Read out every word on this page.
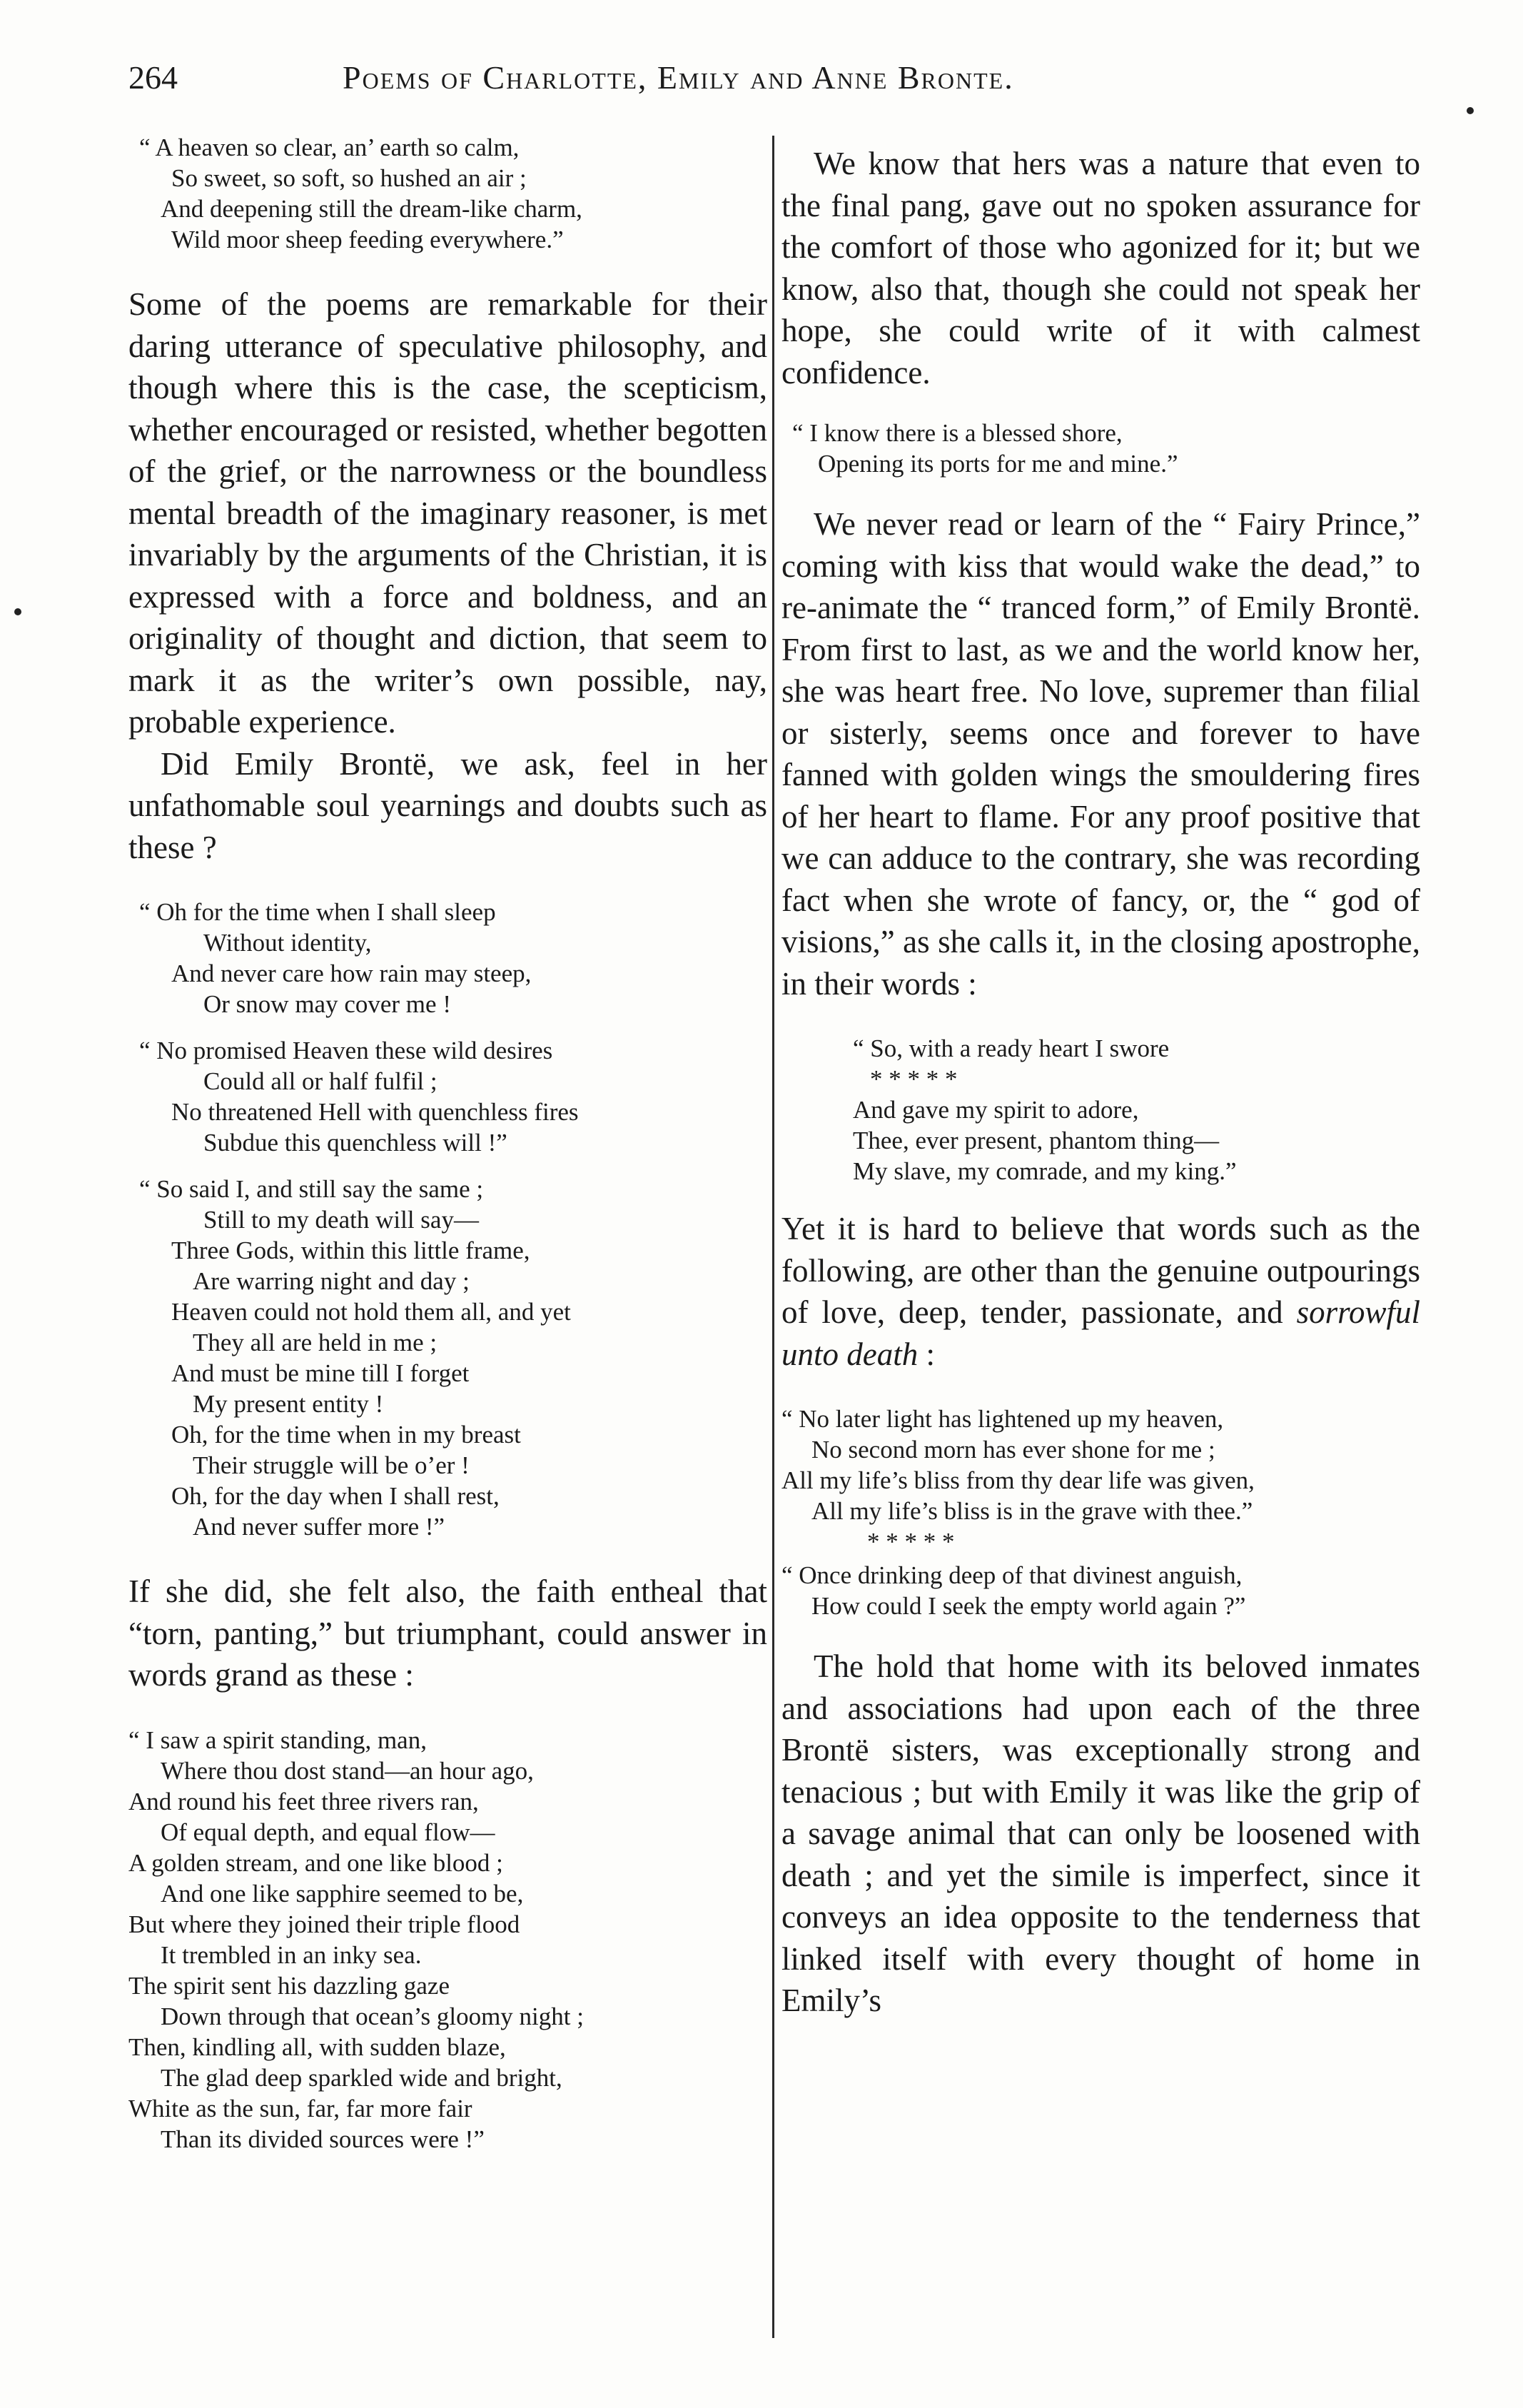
264	Poems of Charlotte, Emily and Anne Bronte.
“ A heaven so clear, an’ earth so calm,
So sweet, so soft, so hushed an air ;
And deepening still the dream-like charm,
Wild moor sheep feeding everywhere.”

Some of the poems are remarkable for their daring utterance of speculative philosophy, and though where this is the case, the scepticism, whether encouraged or resisted, whether begotten of the grief, or the narrowness or the boundless mental breadth of the imaginary reasoner, is met invariably by the arguments of the Christian, it is expressed with a force and boldness, and an originality of thought and diction, that seem to mark it as the writer’s own possible, nay, probable experience.

Did Emily Brontë, we ask, feel in her unfathomable soul yearnings and doubts such as these ?

“ Oh for the time when I shall sleep
Without identity,
And never care how rain may steep,
Or snow may cover me !
“ No promised Heaven these wild desires
Could all or half fulfil ;
No threatened Hell with quenchless fires
Subdue this quenchless will !”
“ So said I, and still say the same ;
Still to my death will say—
Three Gods, within this little frame,
Are warring night and day ;
Heaven could not hold them all, and yet
They all are held in me ;
And must be mine till I forget
My present entity !
Oh, for the time when in my breast
Their struggle will be o’er !
Oh, for the day when I shall rest,
And never suffer more !”

If she did, she felt also, the faith entheal that “torn, panting,” but triumphant, could answer in words grand as these :

“ I saw a spirit standing, man,
Where thou dost stand—an hour ago,
And round his feet three rivers ran,
Of equal depth, and equal flow—
A golden stream, and one like blood ;
And one like sapphire seemed to be,
But where they joined their triple flood
It trembled in an inky sea.
The spirit sent his dazzling gaze
Down through that ocean’s gloomy night ;
Then, kindling all, with sudden blaze,
The glad deep sparkled wide and bright,
White as the sun, far, far more fair
Than its divided sources were !”

We know that hers was a nature that even to the final pang, gave out no spoken assurance for the comfort of those who agonized for it; but we know, also that, though she could not speak her hope, she could write of it with calmest confidence.

“ I know there is a blessed shore,
Opening its ports for me and mine.”

We never read or learn of the “ Fairy Prince,” coming with kiss that would wake the dead,” to re-animate the “ tranced form,” of Emily Brontë. From first to last, as we and the world know her, she was heart free. No love, supremer than filial or sisterly, seems once and forever to have fanned with golden wings the smouldering fires of her heart to flame. For any proof positive that we can adduce to the contrary, she was recording fact when she wrote of fancy, or, the “ god of visions,” as she calls it, in the closing apostrophe, in their words :

“ So, with a ready heart I swore
* * * * *
And gave my spirit to adore,
Thee, ever present, phantom thing—
My slave, my comrade, and my king.”

Yet it is hard to believe that words such as the following, are other than the genuine outpourings of love, deep, tender, passionate, and sorrowful unto death :

“ No later light has lightened up my heaven,
No second morn has ever shone for me ;
All my life’s bliss from thy dear life was given,
All my life’s bliss is in the grave with thee.”
* * * * *
“ Once drinking deep of that divinest anguish,
How could I seek the empty world again ?”

The hold that home with its beloved inmates and associations had upon each of the three Brontë sisters, was exceptionally strong and tenacious ; but with Emily it was like the grip of a savage animal that can only be loosened with death ; and yet the simile is imperfect, since it conveys an idea opposite to the tenderness that linked itself with every thought of home in Emily’s
